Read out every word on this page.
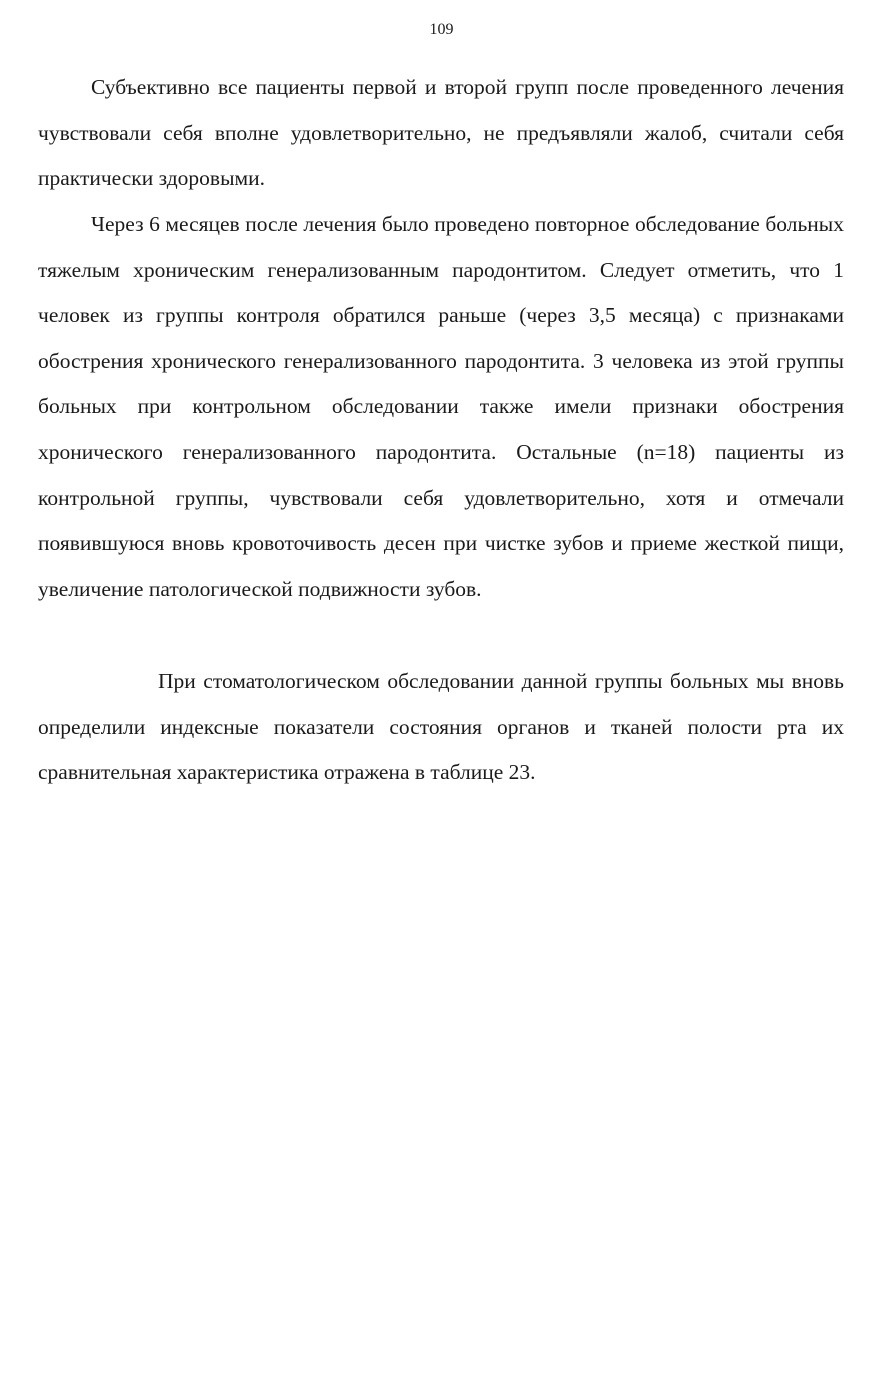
109

Субъективно все пациенты первой и второй групп после проведенного лечения чувствовали себя вполне удовлетворительно, не предъявляли жалоб, считали себя практически здоровыми.

Через 6 месяцев после лечения было проведено повторное обследование больных тяжелым хроническим генерализованным пародонтитом. Следует отметить, что 1 человек из группы контроля обратился раньше (через 3,5 месяца) с признаками обострения хронического генерализованного пародонтита. 3 человека из этой группы больных при контрольном обследовании также имели признаки обострения хронического генерализованного пародонтита. Остальные (n=18) пациенты из контрольной группы, чувствовали себя удовлетворительно, хотя и отмечали появившуюся вновь кровоточивость десен при чистке зубов и приеме жесткой пищи, увеличение патологической подвижности зубов.

При стоматологическом обследовании данной группы больных мы вновь определили индексные показатели состояния органов и тканей полости рта их сравнительная характеристика отражена в таблице 23.
